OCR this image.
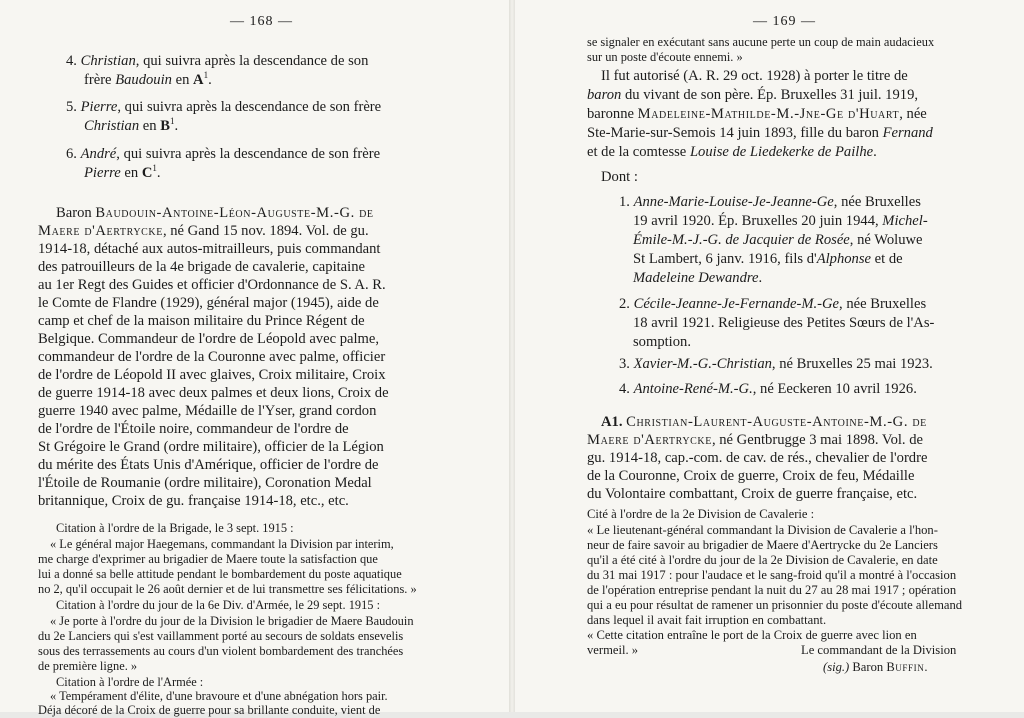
— 168 —
4. Christian, qui suivra après la descendance de son
frère Baudouin en $A^1$.
5. Pierre, qui suivra après la descendance de son frère
Christian en $B^1$.
6. André, qui suivra après la descendance de son frère
Pierre en $C^1$.
Baron Baudouin-Antoine-Léon-Auguste-M.-G. de
Maere d'Aertrycke, né Gand 15 nov. 1894. Vol. de gu.
1914-18, détaché aux autos-mitrailleurs, puis commandant
des patrouilleurs de la 4e brigade de cavalerie, capitaine
au 1er Regt des Guides et officier d'Ordonnance de S. A. R.
le Comte de Flandre (1929), général major (1945), aide de
camp et chef de la maison militaire du Prince Régent de
Belgique. Commandeur de l'ordre de Léopold avec palme,
commandeur de l'ordre de la Couronne avec palme, officier
de l'ordre de Léopold II avec glaives, Croix militaire, Croix
de guerre 1914-18 avec deux palmes et deux lions, Croix de
guerre 1940 avec palme, Médaille de l'Yser, grand cordon
de l'ordre de l'Étoile noire, commandeur de l'ordre de
St Grégoire le Grand (ordre militaire), officier de la Légion
du mérite des États Unis d'Amérique, officier de l'ordre de
l'Étoile de Roumanie (ordre militaire), Coronation Medal
britannique, Croix de gu. française 1914-18, etc., etc.
Citation à l'ordre de la Brigade, le 3 sept. 1915 :
« Le général major Haegemans, commandant la Division par interim,
me charge d'exprimer au brigadier de Maere toute la satisfaction que
lui a donné sa belle attitude pendant le bombardement du poste aquatique
no 2, qu'il occupait le 26 août dernier et de lui transmettre ses félicitations. »
Citation à l'ordre du jour de la 6e Div. d'Armée, le 29 sept. 1915 :
« Je porte à l'ordre du jour de la Division le brigadier de Maere Baudouin
du 2e Lanciers qui s'est vaillamment porté au secours de soldats ensevelis
sous des terrassements au cours d'un violent bombardement des tranchées
de première ligne. »
Citation à l'ordre de l'Armée :
« Tempérament d'élite, d'une bravoure et d'une abnégation hors pair.
Déja décoré de la Croix de guerre pour sa brillante conduite, vient de
— 169 —
se signaler en exécutant sans aucune perte un coup de main audacieux
sur un poste d'écoute ennemi. »
Il fut autorisé (A. R. 29 oct. 1928) à porter le titre de
baron du vivant de son père. Ép. Bruxelles 31 juil. 1919,
baronne Madeleine-Mathilde-M.-Jne-Ge d'Huart, née
Ste-Marie-sur-Semois 14 juin 1893, fille du baron Fernand
et de la comtesse Louise de Liedekerke de Pailhe.
Dont :
1. Anne-Marie-Louise-Je-Jeanne-Ge, née Bruxelles
19 avril 1920. Ép. Bruxelles 20 juin 1944, Michel-
Émile-M.-J.-G. de Jacquier de Rosée, né Woluwe
St Lambert, 6 janv. 1916, fils d'Alphonse et de
Madeleine Dewandre.
2. Cécile-Jeanne-Je-Fernande-M.-Ge, née Bruxelles
18 avril 1921. Religieuse des Petites Sœurs de l'As-
somption.
3. Xavier-M.-G.-Christian, né Bruxelles 25 mai 1923.
4. Antoine-René-M.-G., né Eeckeren 10 avril 1926.
A1. Christian-Laurent-Auguste-Antoine-M.-G. de
Maere d'Aertrycke, né Gentbrugge 3 mai 1898. Vol. de
gu. 1914-18, cap.-com. de cav. de rés., chevalier de l'ordre
de la Couronne, Croix de guerre, Croix de feu, Médaille
du Volontaire combattant, Croix de guerre française, etc.
Cité à l'ordre de la 2e Division de Cavalerie :
« Le lieutenant-général commandant la Division de Cavalerie a l'hon-
neur de faire savoir au brigadier de Maere d'Aertrycke du 2e Lanciers
qu'il a été cité à l'ordre du jour de la 2e Division de Cavalerie, en date
du 31 mai 1917 : pour l'audace et le sang-froid qu'il a montré à l'occasion
de l'opération entreprise pendant la nuit du 27 au 28 mai 1917 ; opération
qui a eu pour résultat de ramener un prisonnier du poste d'écoute allemand
dans lequel il avait fait irruption en combattant.
« Cette citation entraîne le port de la Croix de guerre avec lion en
vermeil. »	Le commandant de la Division
(sig.) Baron Buffin.
